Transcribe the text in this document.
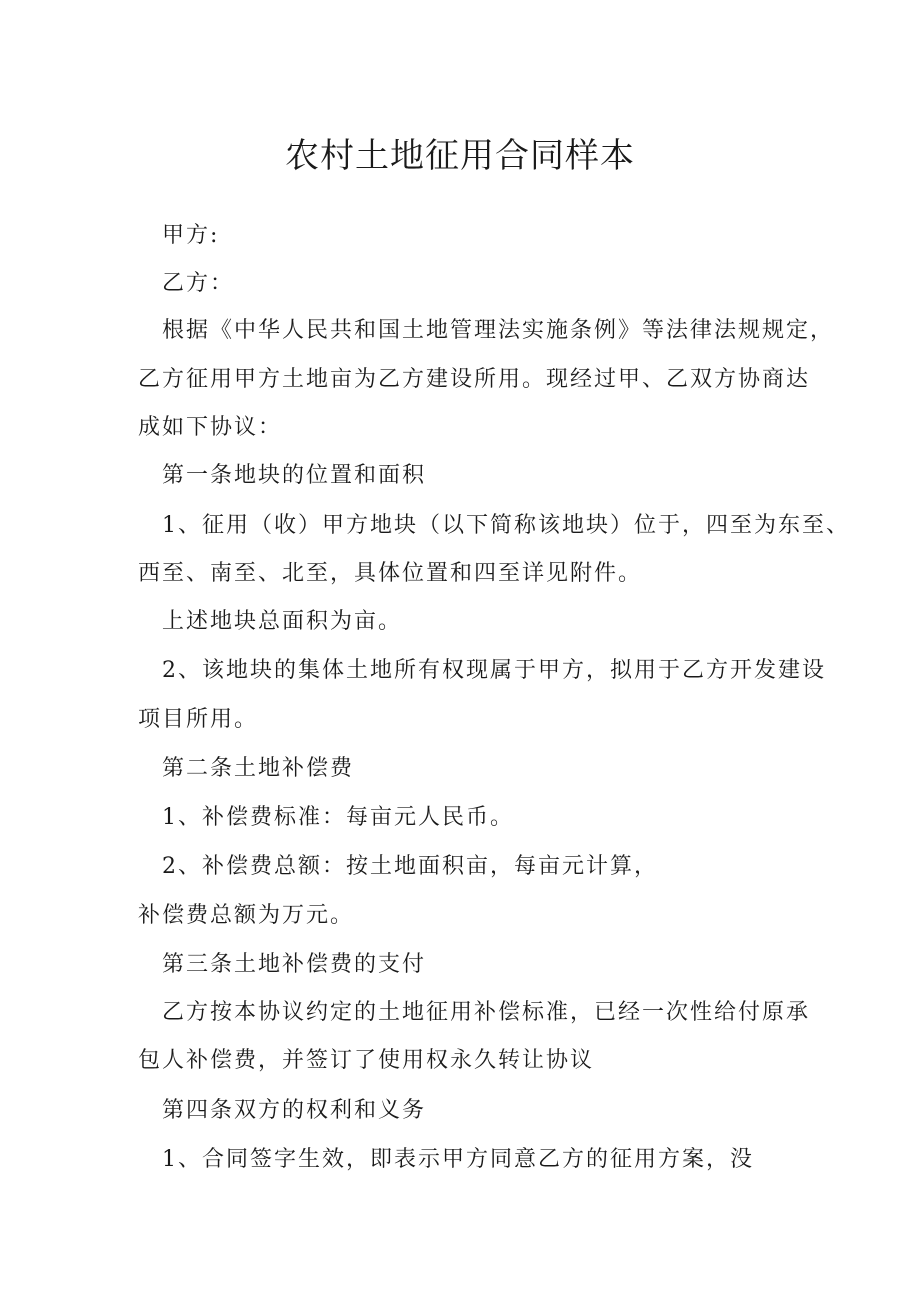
农村土地征用合同样本

甲方:

乙方：

根据《中华人民共和国土地管理法实施条例》等法律法规规定，

乙方征用甲方土地亩为乙方建设所用。现经过甲、乙双方协商达

成如下协议：

第一条地块的位置和面积

1、征用（收）甲方地块（以下简称该地块）位于，四至为东至、

西至、南至、北至，具体位置和四至详见附件。

上述地块总面积为亩。

2、该地块的集体土地所有权现属于甲方，拟用于乙方开发建设

项目所用。

第二条土地补偿费

1、补偿费标准：每亩元人民币。

2、补偿费总额：按土地面积亩，每亩元计算，

补偿费总额为万元。

第三条土地补偿费的支付

乙方按本协议约定的土地征用补偿标准，已经一次性给付原承

包人补偿费，并签订了使用权永久转让协议

第四条双方的权利和义务

1、合同签字生效，即表示甲方同意乙方的征用方案，没
